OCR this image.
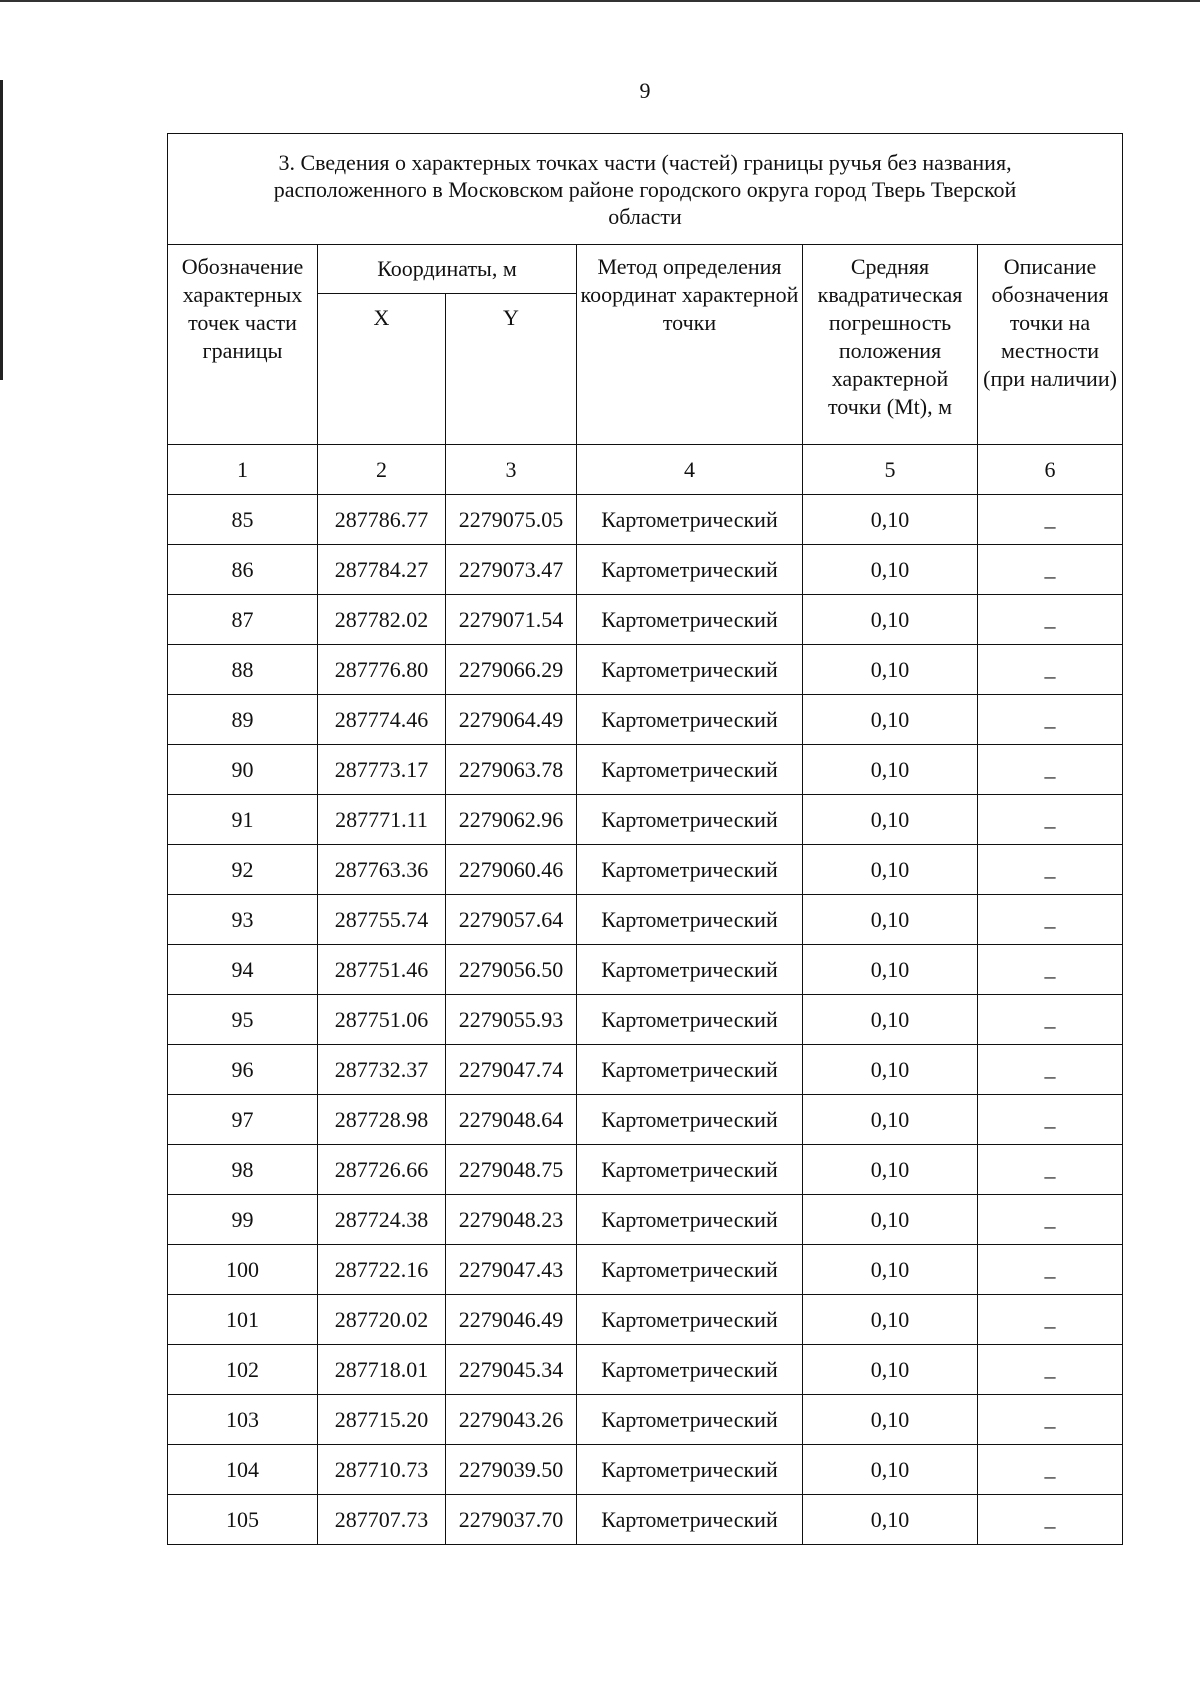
9
3. Сведения о характерных точках части (частей) границы ручья без названия,
расположенного в Московском районе городского округа город Тверь Тверской
области					

Обозначение характерных точек части границы	Координаты, м		Метод определения координат характерной точки	Средняя квадратическая погрешность положения характерной точки (Mt), м	Описание обозначения точки на местности (при наличии)
	X	Y			
1	2	3	4	5	6
85	287786.77	2279075.05	Картометрический	0,10	–
86	287784.27	2279073.47	Картометрический	0,10	–
87	287782.02	2279071.54	Картометрический	0,10	–
88	287776.80	2279066.29	Картометрический	0,10	–
89	287774.46	2279064.49	Картометрический	0,10	–
90	287773.17	2279063.78	Картометрический	0,10	–
91	287771.11	2279062.96	Картометрический	0,10	–
92	287763.36	2279060.46	Картометрический	0,10	–
93	287755.74	2279057.64	Картометрический	0,10	–
94	287751.46	2279056.50	Картометрический	0,10	–
95	287751.06	2279055.93	Картометрический	0,10	–
96	287732.37	2279047.74	Картометрический	0,10	–
97	287728.98	2279048.64	Картометрический	0,10	–
98	287726.66	2279048.75	Картометрический	0,10	–
99	287724.38	2279048.23	Картометрический	0,10	–
100	287722.16	2279047.43	Картометрический	0,10	–
101	287720.02	2279046.49	Картометрический	0,10	–
102	287718.01	2279045.34	Картометрический	0,10	–
103	287715.20	2279043.26	Картометрический	0,10	–
104	287710.73	2279039.50	Картометрический	0,10	–
105	287707.73	2279037.70	Картометрический	0,10	–
